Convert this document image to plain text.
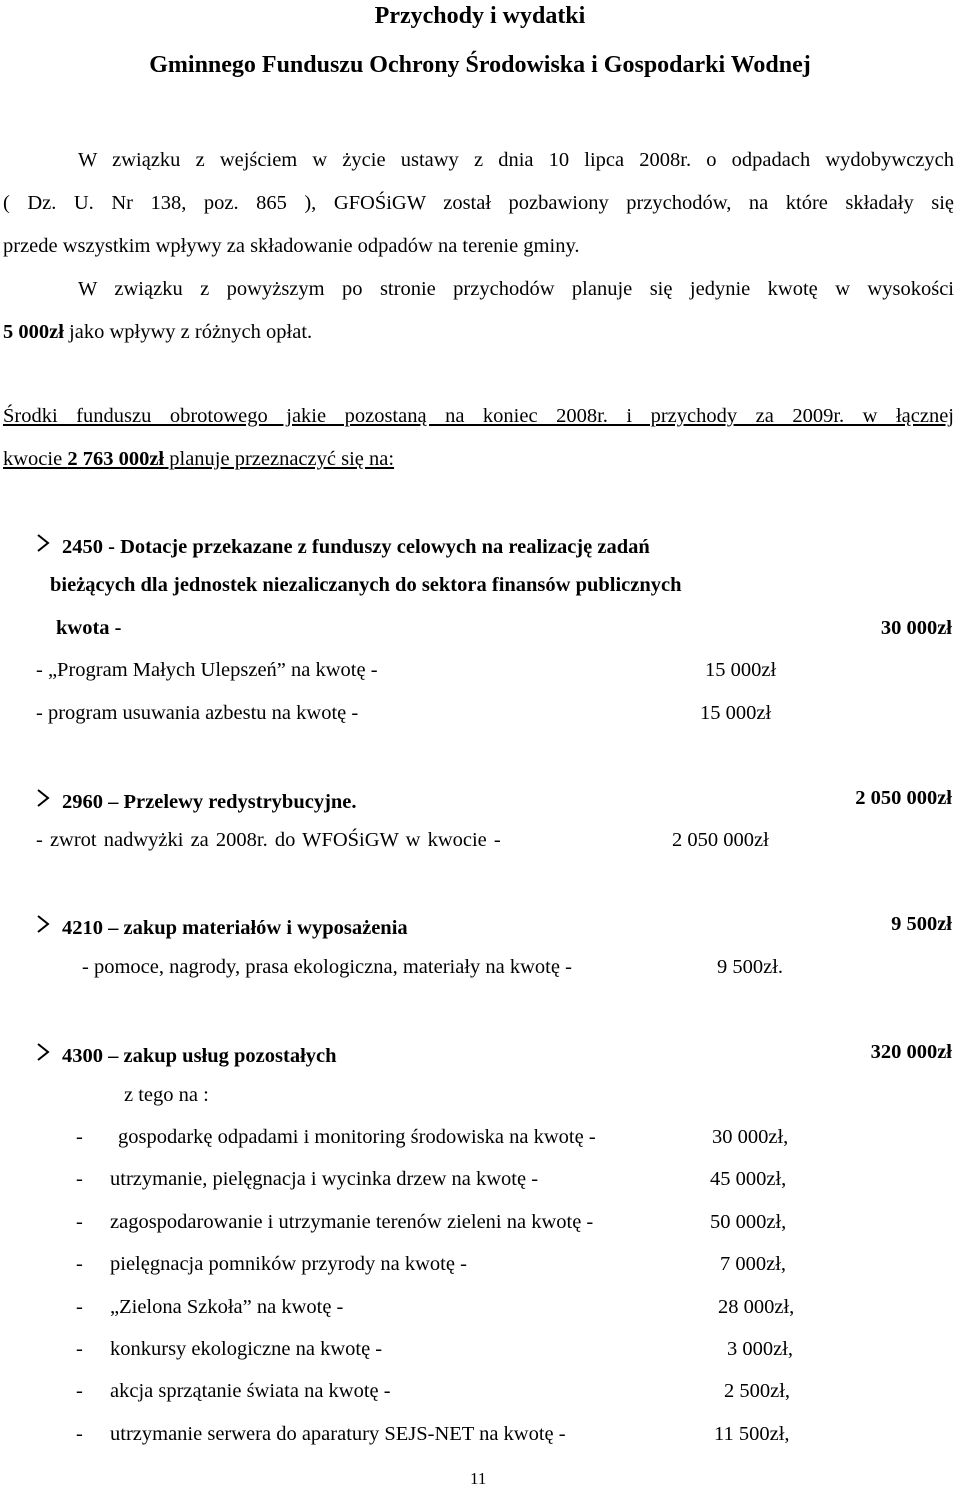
Przychody i wydatki
Gminnego Funduszu Ochrony Środowiska i Gospodarki Wodnej
W związku z wejściem w życie ustawy z dnia 10 lipca 2008r. o odpadach wydobywczych
( Dz. U. Nr 138, poz. 865 ), GFOŚiGW został pozbawiony przychodów, na które składały się
przede wszystkim wpływy za składowanie odpadów na terenie gminy.
W związku z powyższym po stronie przychodów planuje się jedynie kwotę w wysokości
5 000zł jako wpływy z różnych opłat.
Środki funduszu obrotowego jakie pozostaną na koniec 2008r. i przychody za 2009r. w łącznej
kwocie 2 763 000zł planuje przeznaczyć się na:
2450 - Dotacje przekazane z funduszy celowych na realizację zadań
bieżących dla jednostek niezaliczanych do sektora finansów publicznych
kwota -	30 000zł
- „Program Małych Ulepszeń” na kwotę -	15 000zł
- program usuwania azbestu na kwotę -	15 000zł
2960 – Przelewy redystrybucyjne.	2 050 000zł
- zwrot nadwyżki za 2008r. do WFOŚiGW w kwocie -	2 050 000zł
4210 – zakup materiałów i wyposażenia	9 500zł
- pomoce, nagrody, prasa ekologiczna, materiały na kwotę -	9 500zł.
4300 – zakup usług pozostałych	320 000zł
z tego na :
- gospodarkę odpadami i monitoring środowiska na kwotę -	30 000zł,
- utrzymanie, pielęgnacja i wycinka drzew na kwotę -	45 000zł,
- zagospodarowanie i utrzymanie terenów zieleni na kwotę -	50 000zł,
- pielęgnacja pomników przyrody na kwotę -	7 000zł,
- „Zielona Szkoła” na kwotę -	28 000zł,
- konkursy ekologiczne na kwotę -	3 000zł,
- akcja sprzątanie świata na kwotę -	2 500zł,
- utrzymanie serwera do aparatury SEJS-NET na kwotę -	11 500zł,
11
